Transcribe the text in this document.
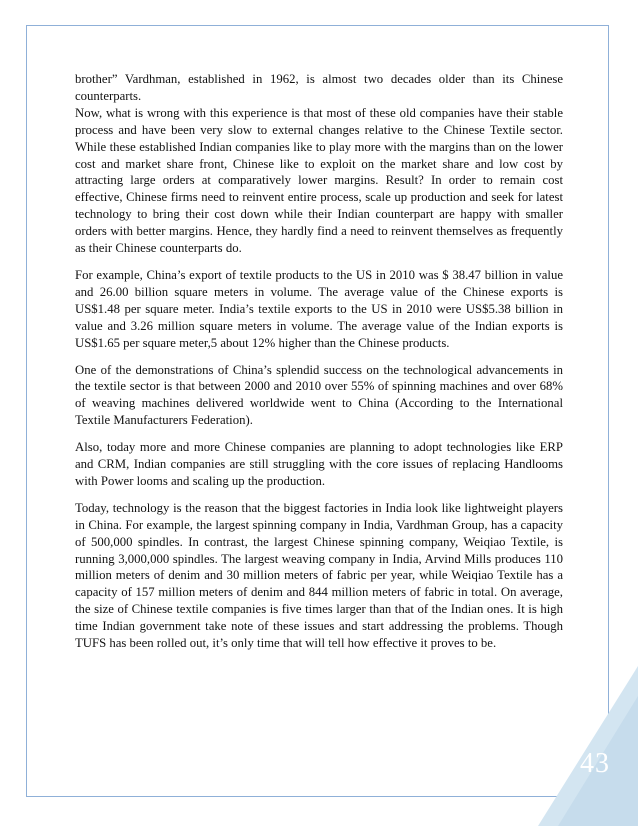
43

brother” Vardhman, established in 1962, is almost two decades older than its Chinese counterparts.

Now, what is wrong with this experience is that most of these old companies have their stable process and have been very slow to external changes relative to the Chinese Textile sector. While these established Indian companies like to play more with the margins than on the lower cost and market share front, Chinese like to exploit on the market share and low cost by attracting large orders at comparatively lower margins. Result? In order to remain cost effective, Chinese firms need to reinvent entire process, scale up production and seek for latest technology to bring their cost down while their Indian counterpart are happy with smaller orders with better margins. Hence, they hardly find a need to reinvent themselves as frequently as their Chinese counterparts do.

For example, China’s export of textile products to the US in 2010 was $ 38.47 billion in value and 26.00 billion square meters in volume. The average value of the Chinese exports is US$1.48 per square meter. India’s textile exports to the US in 2010 were US$5.38 billion in value and 3.26 million square meters in volume. The average value of the Indian exports is US$1.65 per square meter,5 about 12% higher than the Chinese products.

One of the demonstrations of China’s splendid success on the technological advancements in the textile sector is that between 2000 and 2010 over 55% of spinning machines and over 68% of weaving machines delivered worldwide went to China (According to the International Textile Manufacturers Federation).

Also, today more and more Chinese companies are planning to adopt technologies like ERP and CRM, Indian companies are still struggling with the core issues of replacing Handlooms with Power looms and scaling up the production.

Today, technology is the reason that the biggest factories in India look like lightweight players in China. For example, the largest spinning company in India, Vardhman Group, has a capacity of 500,000 spindles. In contrast, the largest Chinese spinning company, Weiqiao Textile, is running 3,000,000 spindles. The largest weaving company in India, Arvind Mills produces 110 million meters of denim and 30 million meters of fabric per year, while Weiqiao Textile has a capacity of 157 million meters of denim and 844 million meters of fabric in total. On average, the size of Chinese textile companies is five times larger than that of the Indian ones. It is high time Indian government take note of these issues and start addressing the problems. Though TUFS has been rolled out, it’s only time that will tell how effective it proves to be.
